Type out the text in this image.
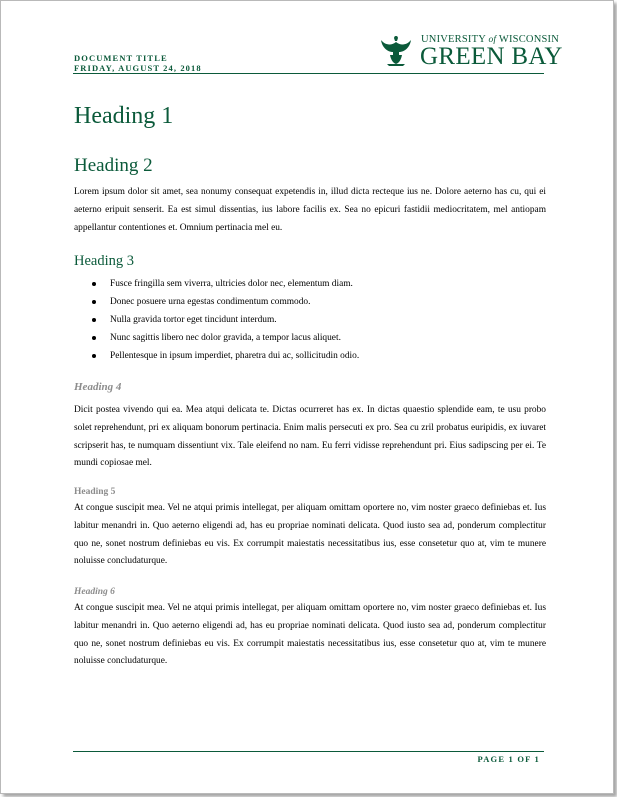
DOCUMENT TITLE
FRIDAY, AUGUST 24, 2018
UNIVERSITY of WISCONSIN
GREEN BAY
Heading 1
Heading 2
Lorem ipsum dolor sit amet, sea nonumy consequat expetendis in, illud dicta recteque ius ne. Dolore aeterno has cu, qui ei aeterno eripuit senserit. Ea est simul dissentias, ius labore facilis ex. Sea no epicuri fastidii mediocritatem, mel antiopam appellantur contentiones et. Omnium pertinacia mel eu.
Heading 3
Fusce fringilla sem viverra, ultricies dolor nec, elementum diam.
Donec posuere urna egestas condimentum commodo.
Nulla gravida tortor eget tincidunt interdum.
Nunc sagittis libero nec dolor gravida, a tempor lacus aliquet.
Pellentesque in ipsum imperdiet, pharetra dui ac, sollicitudin odio.
Heading 4
Dicit postea vivendo qui ea. Mea atqui delicata te. Dictas ocurreret has ex. In dictas quaestio splendide eam, te usu probo solet reprehendunt, pri ex aliquam bonorum pertinacia. Enim malis persecuti ex pro. Sea cu zril probatus euripidis, ex iuvaret scripserit has, te numquam dissentiunt vix. Tale eleifend no nam. Eu ferri vidisse reprehendunt pri. Eius sadipscing per ei. Te mundi copiosae mel.
Heading 5
At congue suscipit mea. Vel ne atqui primis intellegat, per aliquam omittam oportere no, vim noster graeco definiebas et. Ius labitur menandri in. Quo aeterno eligendi ad, has eu propriae nominati delicata. Quod iusto sea ad, ponderum complectitur quo ne, sonet nostrum definiebas eu vis. Ex corrumpit maiestatis necessitatibus ius, esse consetetur quo at, vim te munere noluisse concludaturque.
Heading 6
At congue suscipit mea. Vel ne atqui primis intellegat, per aliquam omittam oportere no, vim noster graeco definiebas et. Ius labitur menandri in. Quo aeterno eligendi ad, has eu propriae nominati delicata. Quod iusto sea ad, ponderum complectitur quo ne, sonet nostrum definiebas eu vis. Ex corrumpit maiestatis necessitatibus ius, esse consetetur quo at, vim te munere noluisse concludaturque.
PAGE 1 OF 1
